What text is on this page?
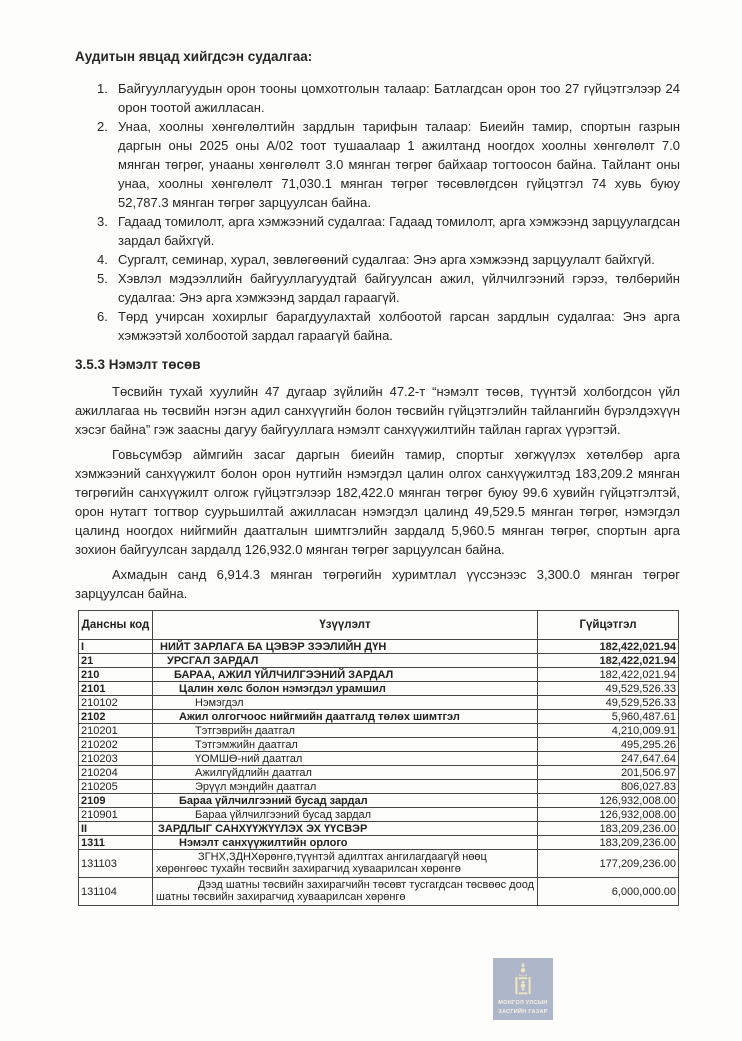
Аудитын явцад хийгдсэн судалгаа:

1. Байгууллагуудын орон тооны цомхотголын талаар: Батлагдсан орон тоо 27 гүйцэтгэлээр 24 орон тоотой ажилласан.
2. Унаа, хоолны хөнгөлөлтийн зардлын тарифын талаар: Биеийн тамир, спортын газрын даргын оны 2025 оны А/02 тоот тушаалаар 1 ажилтанд ноогдох хоолны хөнгөлөлт 7.0 мянган төгрөг, унааны хөнгөлөлт 3.0 мянган төгрөг байхаар тогтоосон байна. Тайлант оны унаа, хоолны хөнгөлөлт 71,030.1 мянган төгрөг төсөвлөгдсөн гүйцэтгэл 74 хувь буюу 52,787.3 мянган төгрөг зарцуулсан байна.
3. Гадаад томилолт, арга хэмжээний судалгаа: Гадаад томилолт, арга хэмжээнд зарцуулагдсан зардал байхгүй.
4. Сургалт, семинар, хурал, зөвлөгөөний судалгаа: Энэ арга хэмжээнд зарцуулалт байхгүй.
5. Хэвлэл мэдээллийн байгууллагуудтай байгуулсан ажил, үйлчилгээний гэрээ, төлбөрийн судалгаа: Энэ арга хэмжээнд зардал гараагүй.
6. Төрд учирсан хохирлыг барагдуулахтай холбоотой гарсан зардлын судалгаа: Энэ арга хэмжээтэй холбоотой зардал гараагүй байна.

3.5.3 Нэмэлт төсөв

Төсвийн тухай хуулийн 47 дугаар зүйлийн 47.2-т “нэмэлт төсөв, түүнтэй холбогдсон үйл ажиллагаа нь төсвийн нэгэн адил санхүүгийн болон төсвийн гүйцэтгэлийн тайлангийн бүрэлдэхүүн хэсэг байна” гэж заасны дагуу байгууллага нэмэлт санхүүжилтийн тайлан гаргах үүрэгтэй.

Говьсүмбэр аймгийн засаг даргын биеийн тамир, спортыг хөгжүүлэх хөтөлбөр арга хэмжээний санхүүжилт болон орон нутгийн нэмэгдэл цалин олгох санхүүжилтэд 183,209.2 мянган төгрөгийн санхүүжилт олгож гүйцэтгэлээр 182,422.0 мянган төгрөг буюу 99.6 хувийн гүйцэтгэлтэй, орон нутагт тогтвор суурьшилтай ажилласан нэмэгдэл цалинд 49,529.5 мянган төгрөг, нэмэгдэл цалинд ноогдох нийгмийн даатгалын шимтгэлийн зардалд 5,960.5 мянган төгрөг, спортын арга зохион байгуулсан зардалд 126,932.0 мянган төгрөг зарцуулсан байна.

Ахмадын санд 6,914.3 мянган төгрөгийн хуримтлал үүссэнээс 3,300.0 мянган төгрөг зарцуулсан байна.

Дансны код	Үзүүлэлт	Гүйцэтгэл
I	НИЙТ ЗАРЛАГА БА ЦЭВЭР ЗЭЭЛИЙН ДҮН	182,422,021.94
21	УРСГАЛ ЗАРДАЛ	182,422,021.94
210	БАРАА, АЖИЛ ҮЙЛЧИЛГЭЭНИЙ ЗАРДАЛ	182,422,021.94
2101	Цалин хөлс болон нэмэгдэл урамшил	49,529,526.33
210102	Нэмэгдэл	49,529,526.33
2102	Ажил олгогчоос нийгмийн даатгалд төлөх шимтгэл	5,960,487.61
210201	Тэтгэврийн даатгал	4,210,009.91
210202	Тэтгэмжийн даатгал	495,295.26
210203	ҮОМШӨ-ний даатгал	247,647.64
210204	Ажилгүйдлийн даатгал	201,506.97
210205	Эрүүл мэндийн даатгал	806,027.83
2109	Бараа үйлчилгээний бусад зардал	126,932,008.00
210901	Бараа үйлчилгээний бусад зардал	126,932,008.00
II	ЗАРДЛЫГ САНХҮҮЖҮҮЛЭХ ЭХ ҮҮСВЭР	183,209,236.00
1311	Нэмэлт санхүүжилтийн орлого	183,209,236.00
131103	ЗГНХ,ЗДНХөрөнгө,түүнтэй адилтгах ангилагдаагүй нөөц хөрөнгөөс тухайн төсвийн захирагчид хуваарилсан хөрөнгө	177,209,236.00
131104	Дээд шатны төсвийн захирагчийн төсөвт тусгагдсан төсвөөс доод шатны төсвийн захирагчид хуваарилсан хөрөнгө	6,000,000.00
МОНГОЛ УЛСЫН
ЗАСГИЙН ГАЗАР
